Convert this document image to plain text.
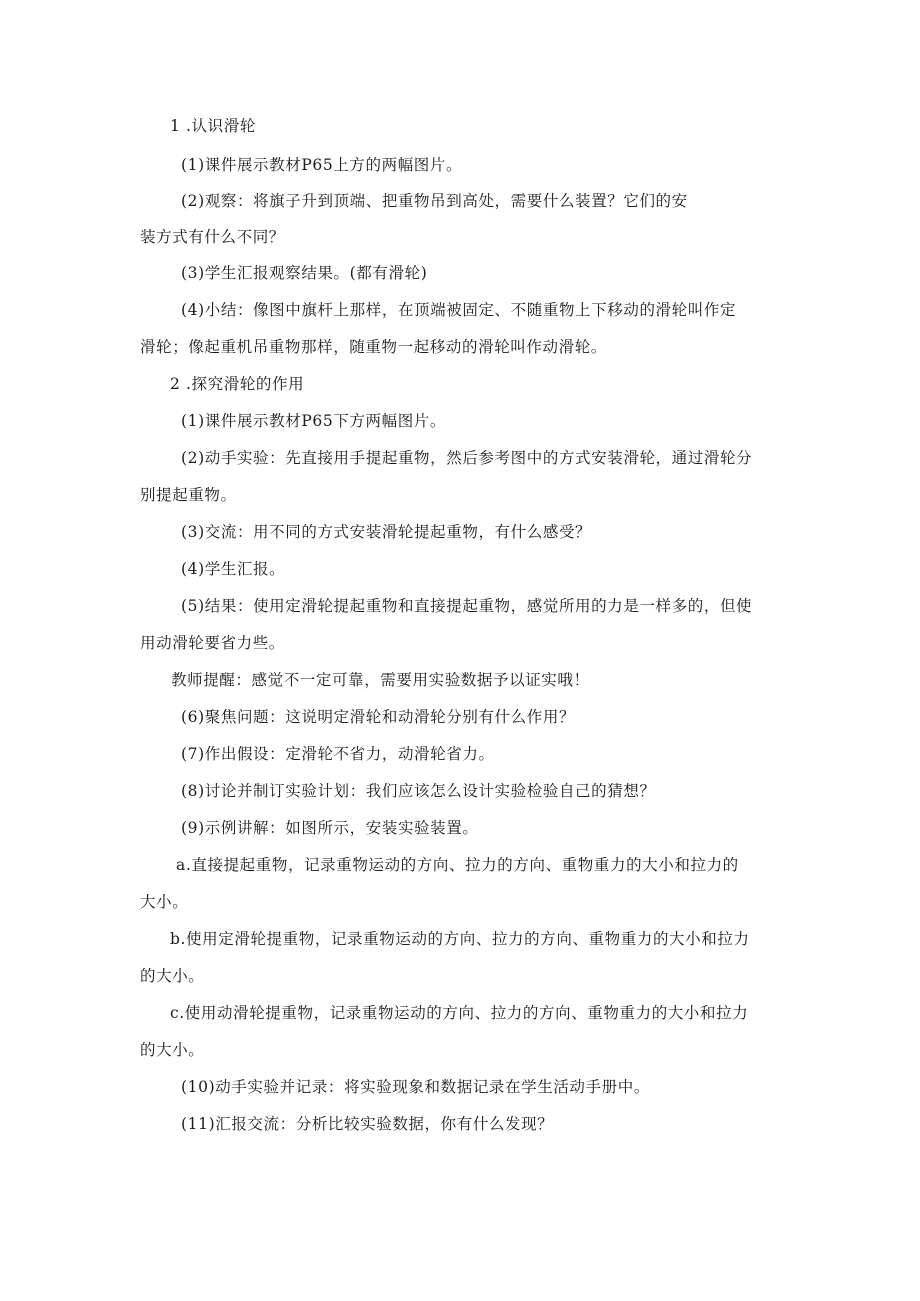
1 .认识滑轮
(1)课件展示教材P65上方的两幅图片。
(2)观察：将旗子升到顶端、把重物吊到高处，需要什么装置？它们的安
装方式有什么不同？
(3)学生汇报观察结果。(都有滑轮)
(4)小结：像图中旗杆上那样，在顶端被固定、不随重物上下移动的滑轮叫作定
滑轮；像起重机吊重物那样，随重物一起移动的滑轮叫作动滑轮。
2 .探究滑轮的作用
(1)课件展示教材P65下方两幅图片。
(2)动手实验：先直接用手提起重物，然后参考图中的方式安装滑轮，通过滑轮分
别提起重物。
(3)交流：用不同的方式安装滑轮提起重物，有什么感受？
(4)学生汇报。
(5)结果：使用定滑轮提起重物和直接提起重物，感觉所用的力是一样多的，但使
用动滑轮要省力些。
教师提醒：感觉不一定可靠，需要用实验数据予以证实哦！
(6)聚焦问题：这说明定滑轮和动滑轮分别有什么作用？
(7)作出假设：定滑轮不省力，动滑轮省力。
(8)讨论并制订实验计划：我们应该怎么设计实验检验自己的猜想？
(9)示例讲解：如图所示，安装实验装置。
a.直接提起重物，记录重物运动的方向、拉力的方向、重物重力的大小和拉力的
大小。
b.使用定滑轮提重物，记录重物运动的方向、拉力的方向、重物重力的大小和拉力
的大小。
c.使用动滑轮提重物，记录重物运动的方向、拉力的方向、重物重力的大小和拉力
的大小。
(10)动手实验并记录：将实验现象和数据记录在学生活动手册中。
(11)汇报交流：分析比较实验数据，你有什么发现？
